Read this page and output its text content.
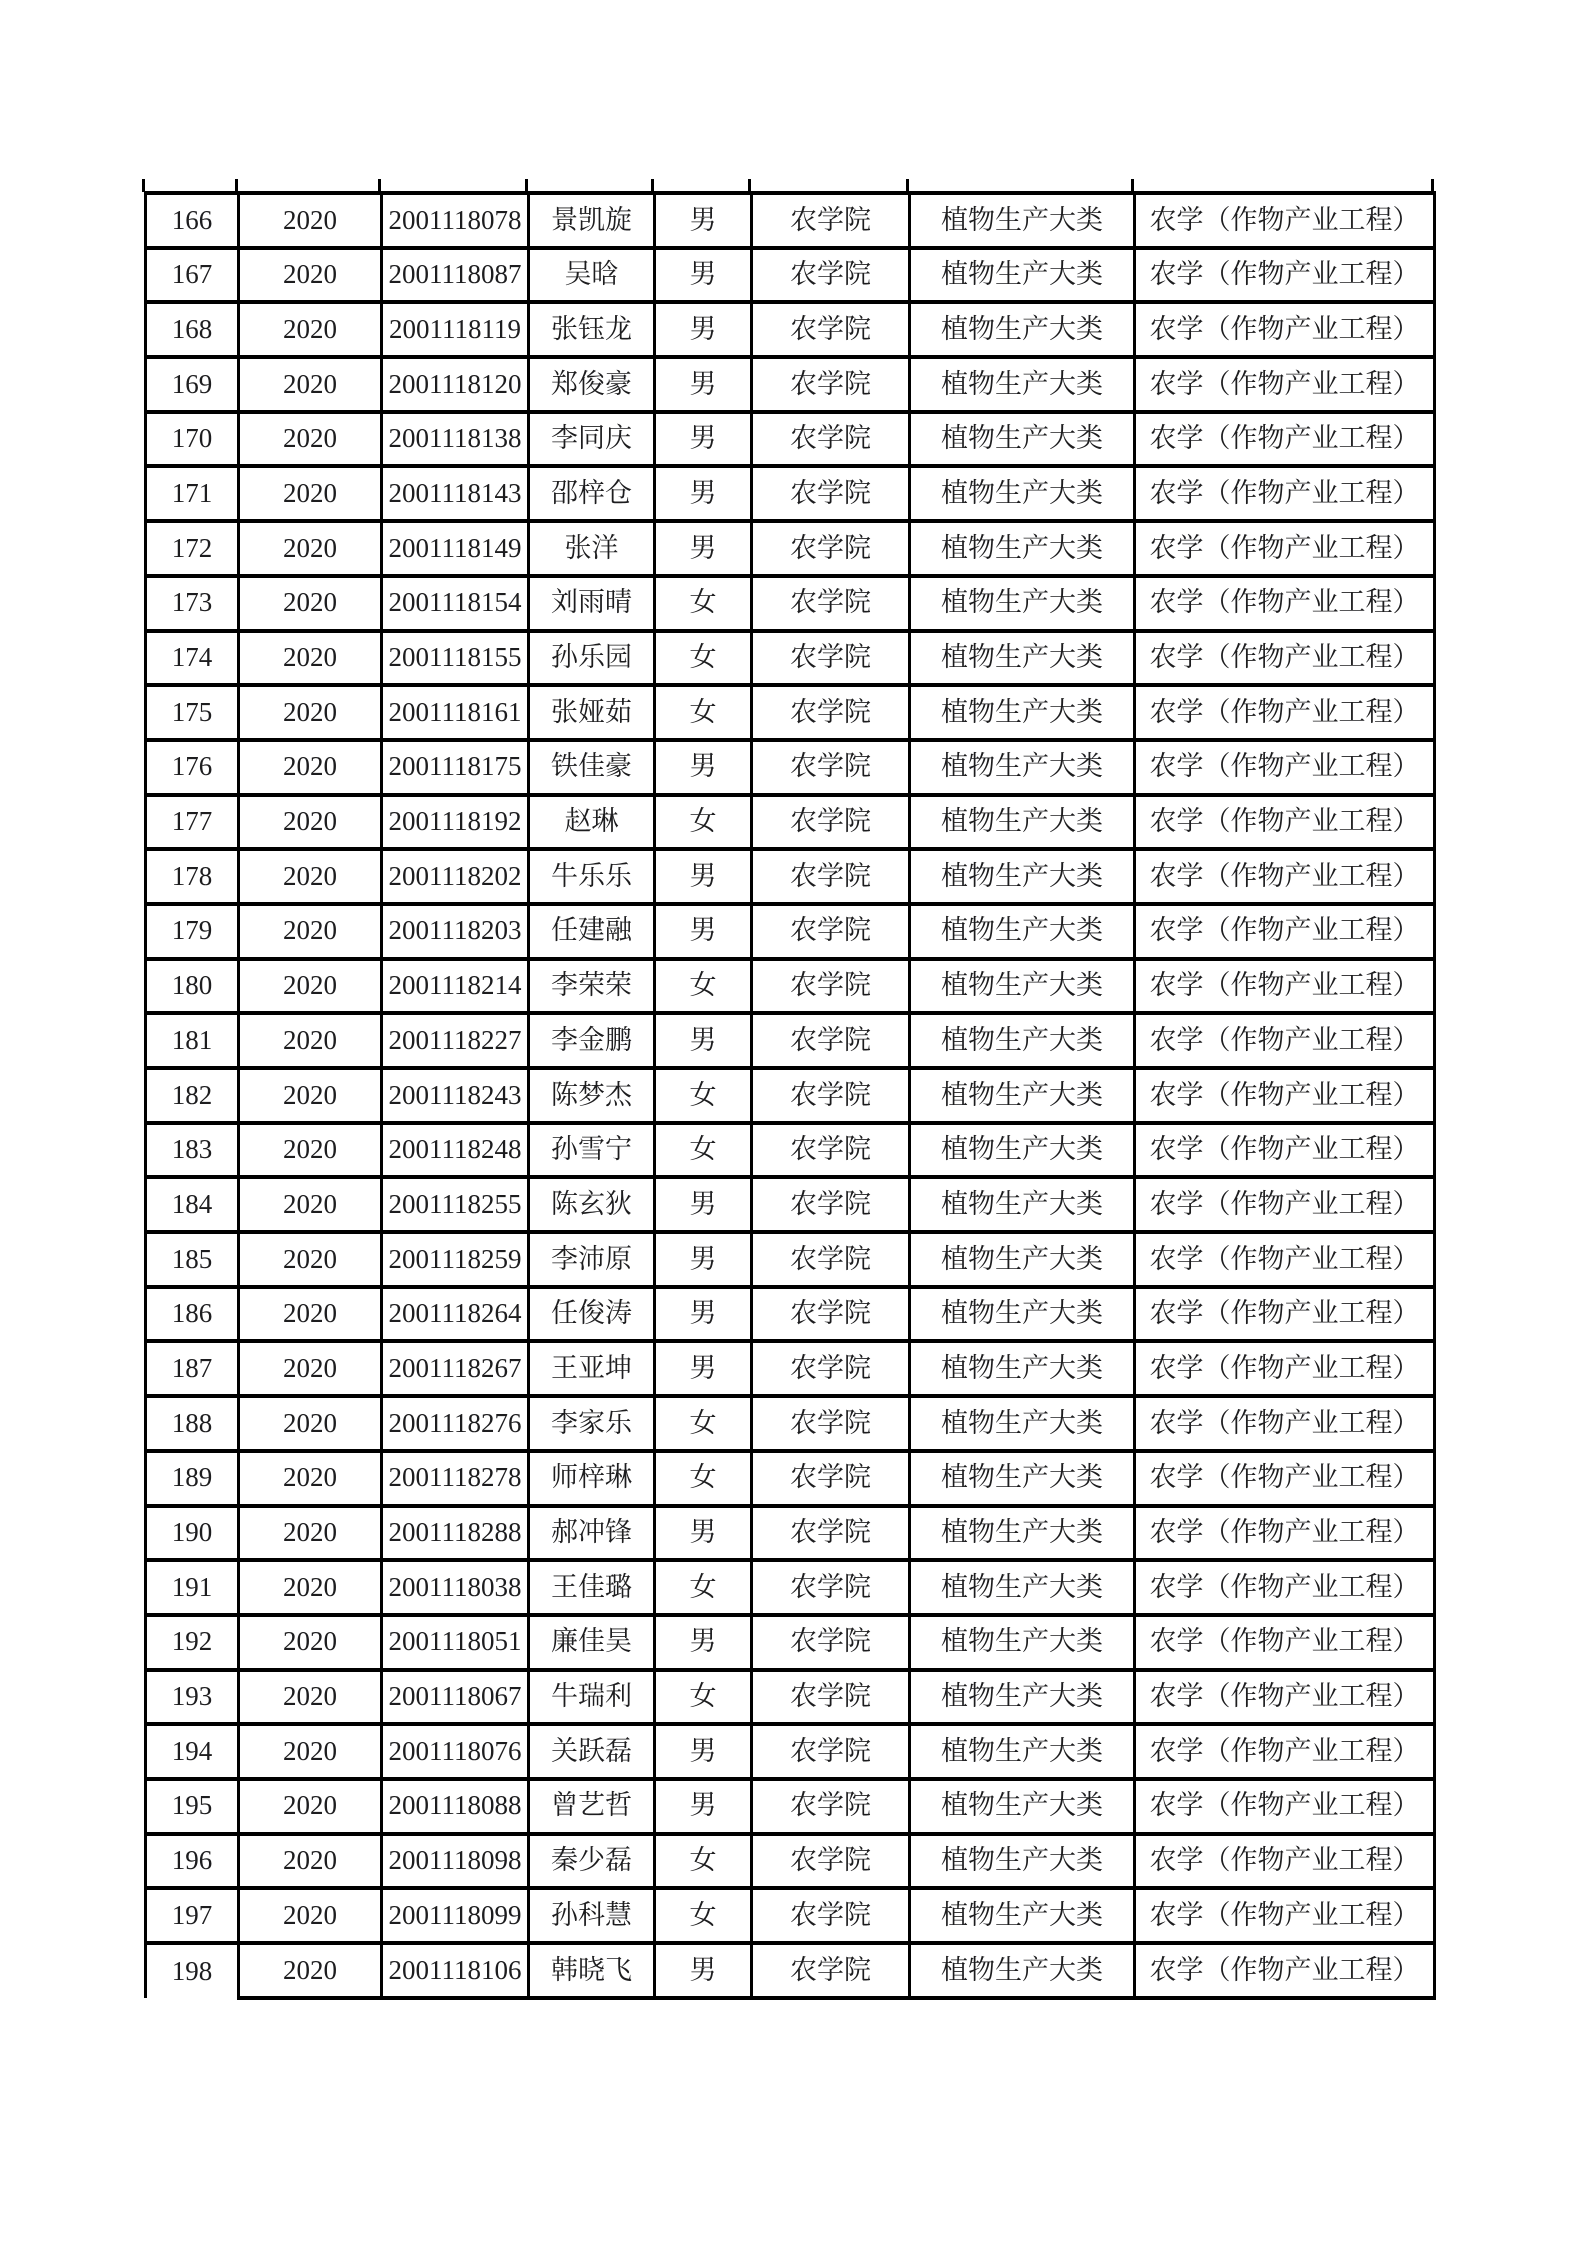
166	2020	2001118078	景凯旋	男	农学院	植物生产大类	农学（作物产业工程）
167	2020	2001118087	吴晗	男	农学院	植物生产大类	农学（作物产业工程）
168	2020	2001118119	张钰龙	男	农学院	植物生产大类	农学（作物产业工程）
169	2020	2001118120	郑俊豪	男	农学院	植物生产大类	农学（作物产业工程）
170	2020	2001118138	李同庆	男	农学院	植物生产大类	农学（作物产业工程）
171	2020	2001118143	邵梓仓	男	农学院	植物生产大类	农学（作物产业工程）
172	2020	2001118149	张洋	男	农学院	植物生产大类	农学（作物产业工程）
173	2020	2001118154	刘雨晴	女	农学院	植物生产大类	农学（作物产业工程）
174	2020	2001118155	孙乐园	女	农学院	植物生产大类	农学（作物产业工程）
175	2020	2001118161	张娅茹	女	农学院	植物生产大类	农学（作物产业工程）
176	2020	2001118175	铁佳豪	男	农学院	植物生产大类	农学（作物产业工程）
177	2020	2001118192	赵琳	女	农学院	植物生产大类	农学（作物产业工程）
178	2020	2001118202	牛乐乐	男	农学院	植物生产大类	农学（作物产业工程）
179	2020	2001118203	任建融	男	农学院	植物生产大类	农学（作物产业工程）
180	2020	2001118214	李荣荣	女	农学院	植物生产大类	农学（作物产业工程）
181	2020	2001118227	李金鹏	男	农学院	植物生产大类	农学（作物产业工程）
182	2020	2001118243	陈梦杰	女	农学院	植物生产大类	农学（作物产业工程）
183	2020	2001118248	孙雪宁	女	农学院	植物生产大类	农学（作物产业工程）
184	2020	2001118255	陈玄狄	男	农学院	植物生产大类	农学（作物产业工程）
185	2020	2001118259	李沛原	男	农学院	植物生产大类	农学（作物产业工程）
186	2020	2001118264	任俊涛	男	农学院	植物生产大类	农学（作物产业工程）
187	2020	2001118267	王亚坤	男	农学院	植物生产大类	农学（作物产业工程）
188	2020	2001118276	李家乐	女	农学院	植物生产大类	农学（作物产业工程）
189	2020	2001118278	师梓琳	女	农学院	植物生产大类	农学（作物产业工程）
190	2020	2001118288	郝冲锋	男	农学院	植物生产大类	农学（作物产业工程）
191	2020	2001118038	王佳璐	女	农学院	植物生产大类	农学（作物产业工程）
192	2020	2001118051	廉佳昊	男	农学院	植物生产大类	农学（作物产业工程）
193	2020	2001118067	牛瑞利	女	农学院	植物生产大类	农学（作物产业工程）
194	2020	2001118076	关跃磊	男	农学院	植物生产大类	农学（作物产业工程）
195	2020	2001118088	曾艺哲	男	农学院	植物生产大类	农学（作物产业工程）
196	2020	2001118098	秦少磊	女	农学院	植物生产大类	农学（作物产业工程）
197	2020	2001118099	孙科慧	女	农学院	植物生产大类	农学（作物产业工程）
198	2020	2001118106	韩晓飞	男	农学院	植物生产大类	农学（作物产业工程）
